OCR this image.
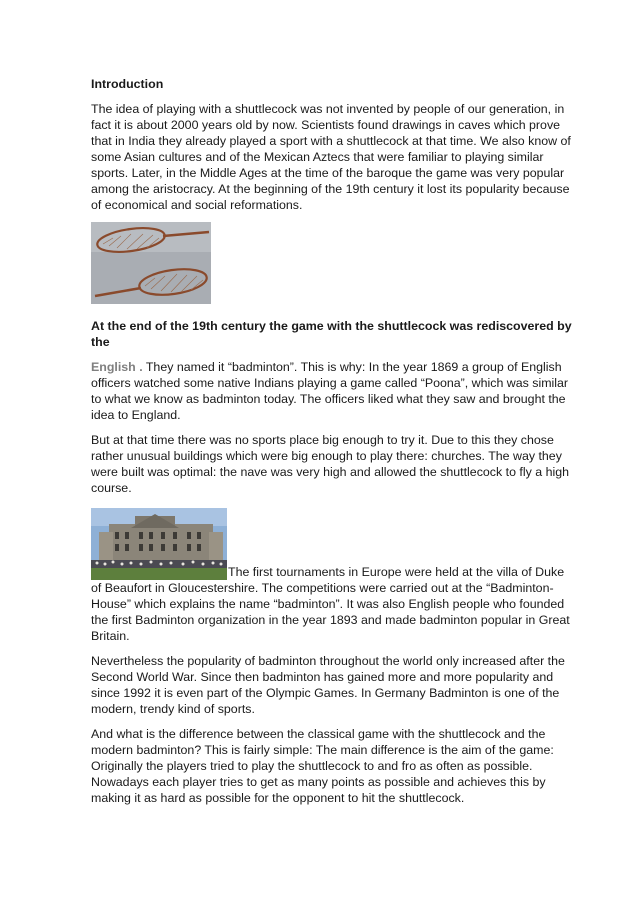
Introduction

The idea of playing with a shuttlecock was not invented by people of our generation, in fact it is about 2000 years old by now. Scientists found drawings in caves which prove that in India they already played a sport with a shuttlecock at that time. We also know of some Asian cultures and of the Mexican Aztecs that were familiar to playing similar sports. Later, in the Middle Ages at the time of the baroque the game was very popular among the aristocracy. At the beginning of the 19th century it lost its popularity because of economical and social reformations.

At the end of the 19th century the game with the shuttlecock was rediscovered by the

English . They named it “badminton”. This is why: In the year 1869 a group of English officers watched some native Indians playing a game called “Poona”, which was similar to what we know as badminton today. The officers liked what they saw and brought the idea to England.

But at that time there was no sports place big enough to try it. Due to this they chose rather unusual buildings which were big enough to play there: churches. The way they were built was optimal: the nave was very high and allowed the shuttlecock to fly a high course.

The first tournaments in Europe were held at the villa of Duke

of Beaufort in Gloucestershire. The competitions were carried out at the “Badminton-House” which explains the name “badminton”. It was also English people who founded the first Badminton organization in the year 1893 and made badminton popular in Great Britain.

Nevertheless the popularity of badminton throughout the world only increased after the Second World War. Since then badminton has gained more and more popularity and since 1992 it is even part of the Olympic Games. In Germany Badminton is one of the modern, trendy kind of sports.

And what is the difference between the classical game with the shuttlecock and the modern badminton? This is fairly simple: The main difference is the aim of the game: Originally the players tried to play the shuttlecock to and fro as often as possible. Nowadays each player tries to get as many points as possible and achieves this by making it as hard as possible for the opponent to hit the shuttlecock.
